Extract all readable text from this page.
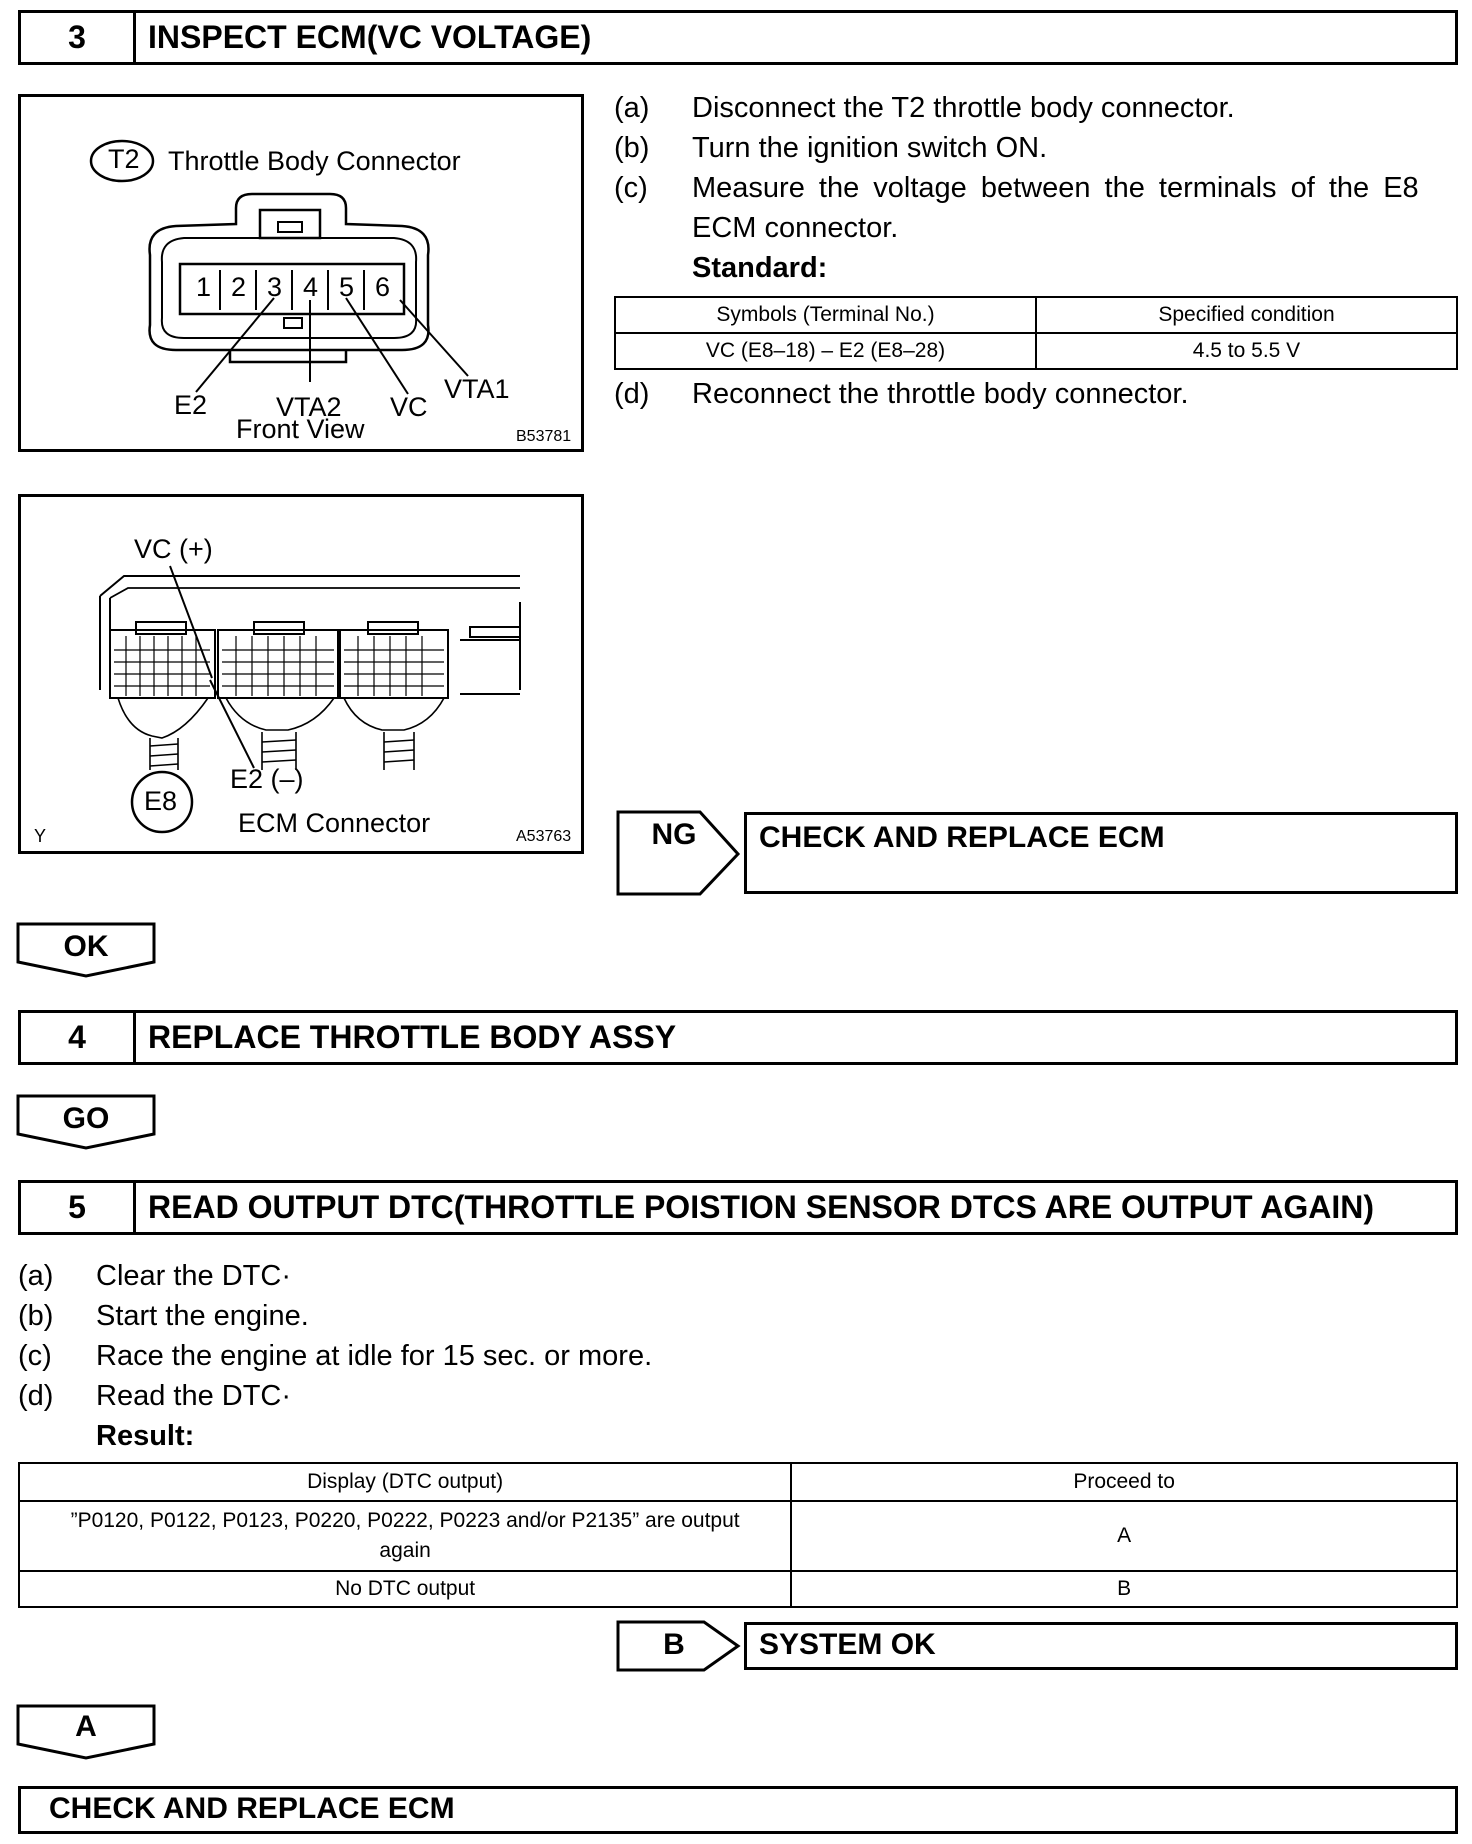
3	INSPECT ECM(VC VOLTAGE)
T2 Throttle Body Connector
1 2 3 4 5 6
E2	VTA2 VC
VTA1
Front View	B53781
VC (+)
E2 (–)
E8
ECM Connector
Y	A53763
(a) Disconnect the T2 throttle body connector.
(b) Turn the ignition switch ON.
(c) Measure the voltage between the terminals of the E8
ECM connector.
Standard:
Symbols (Terminal No.)	Specified condition
VC (E8–18) – E2 (E8–28)	4.5 to 5.5 V
(d) Reconnect the throttle body connector.
NG	CHECK AND REPLACE ECM
OK
4	REPLACE THROTTLE BODY ASSY
GO
5	READ OUTPUT DTC(THROTTLE POISTION SENSOR DTCS ARE OUTPUT AGAIN)
(a) Clear the DTC·
(b) Start the engine.
(c) Race the engine at idle for 15 sec. or more.
(d) Read the DTC·
Result:
Display (DTC output)	Proceed to

”P0120, P0122, P0123, P0220, P0222, P0223 and/or P2135” are output
again	A
No DTC output	B
B	SYSTEM OK
A
CHECK AND REPLACE ECM
